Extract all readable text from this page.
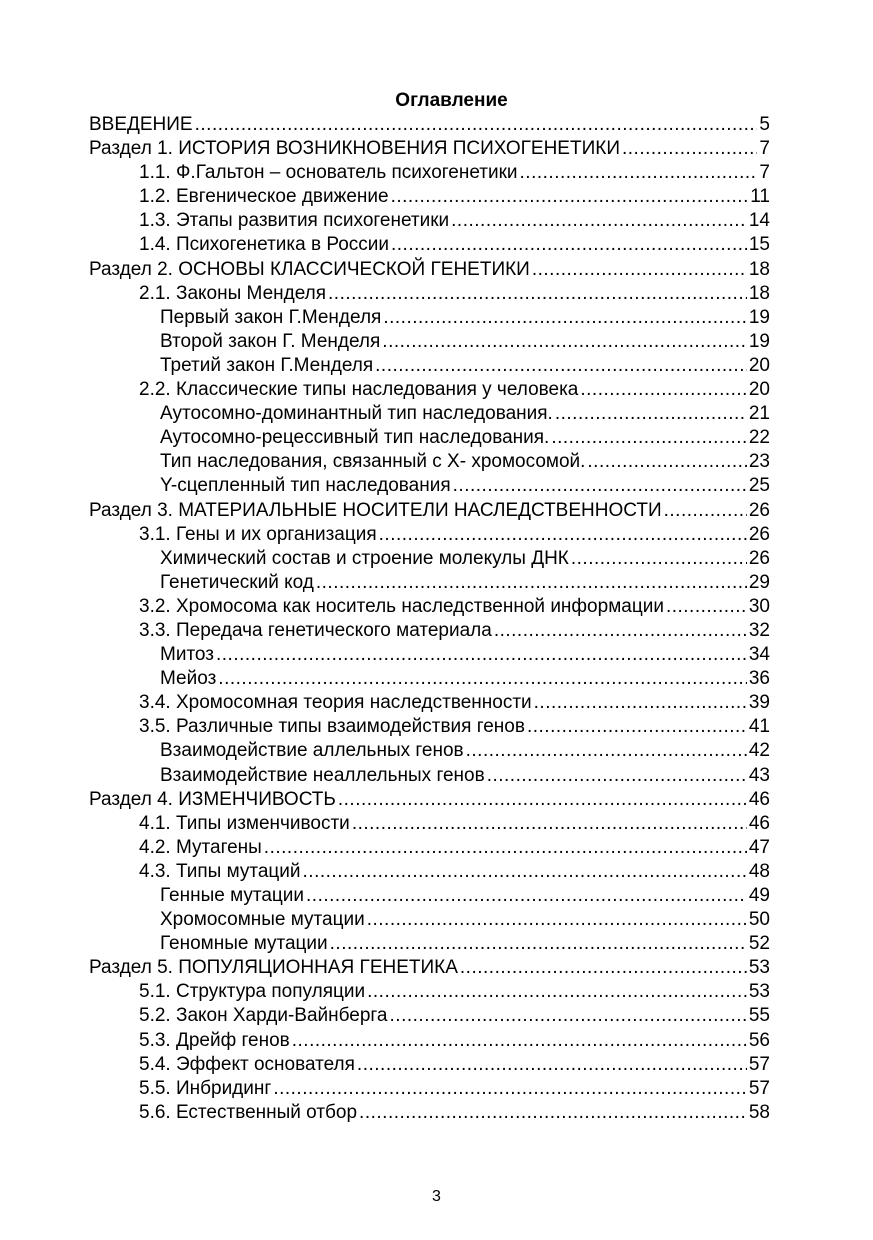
Оглавление
ВВЕДЕНИЕ .....	5
Раздел 1. ИСТОРИЯ ВОЗНИКНОВЕНИЯ ПСИХОГЕНЕТИКИ .....	7
1.1. Ф.Гальтон – основатель психогенетики .....	7
1.2. Евгеническое движение .....	11
1.3. Этапы развития психогенетики .....	14
1.4. Психогенетика в России .....	15
Раздел 2. ОСНОВЫ КЛАССИЧЕСКОЙ ГЕНЕТИКИ .....	18
2.1. Законы Менделя .....	18
Первый закон Г.Менделя .....	19
Второй закон Г. Менделя .....	19
Третий закон Г.Менделя .....	20
2.2. Классические типы наследования у человека .....	20
Аутосомно-доминантный тип наследования. .....	21
Аутосомно-рецессивный тип наследования. .....	22
Тип наследования, связанный с Х- хромосомой. .....	23
Y-сцепленный тип наследования .....	25
Раздел 3. МАТЕРИАЛЬНЫЕ НОСИТЕЛИ НАСЛЕДСТВЕННОСТИ .....	26
3.1. Гены и их организация .....	26
Химический состав и строение молекулы ДНК .....	26
Генетический код .....	29
3.2. Хромосома как носитель наследственной информации .....	30
3.3. Передача генетического материала .....	32
Митоз .....	34
Мейоз .....	36
3.4. Хромосомная теория наследственности .....	39
3.5. Различные типы взаимодействия генов .....	41
Взаимодействие аллельных генов .....	42
Взаимодействие неаллельных генов .....	43
Раздел 4. ИЗМЕНЧИВОСТЬ .....	46
4.1. Типы изменчивости .....	46
4.2. Мутагены .....	47
4.3. Типы мутаций .....	48
Генные мутации .....	49
Хромосомные мутации .....	50
Геномные мутации .....	52
Раздел 5. ПОПУЛЯЦИОННАЯ ГЕНЕТИКА .....	53
5.1. Структура популяции .....	53
5.2. Закон Харди-Вайнберга .....	55
5.3. Дрейф генов .....	56
5.4. Эффект основателя .....	57
5.5. Инбридинг .....	57
5.6. Естественный отбор .....	58
3
